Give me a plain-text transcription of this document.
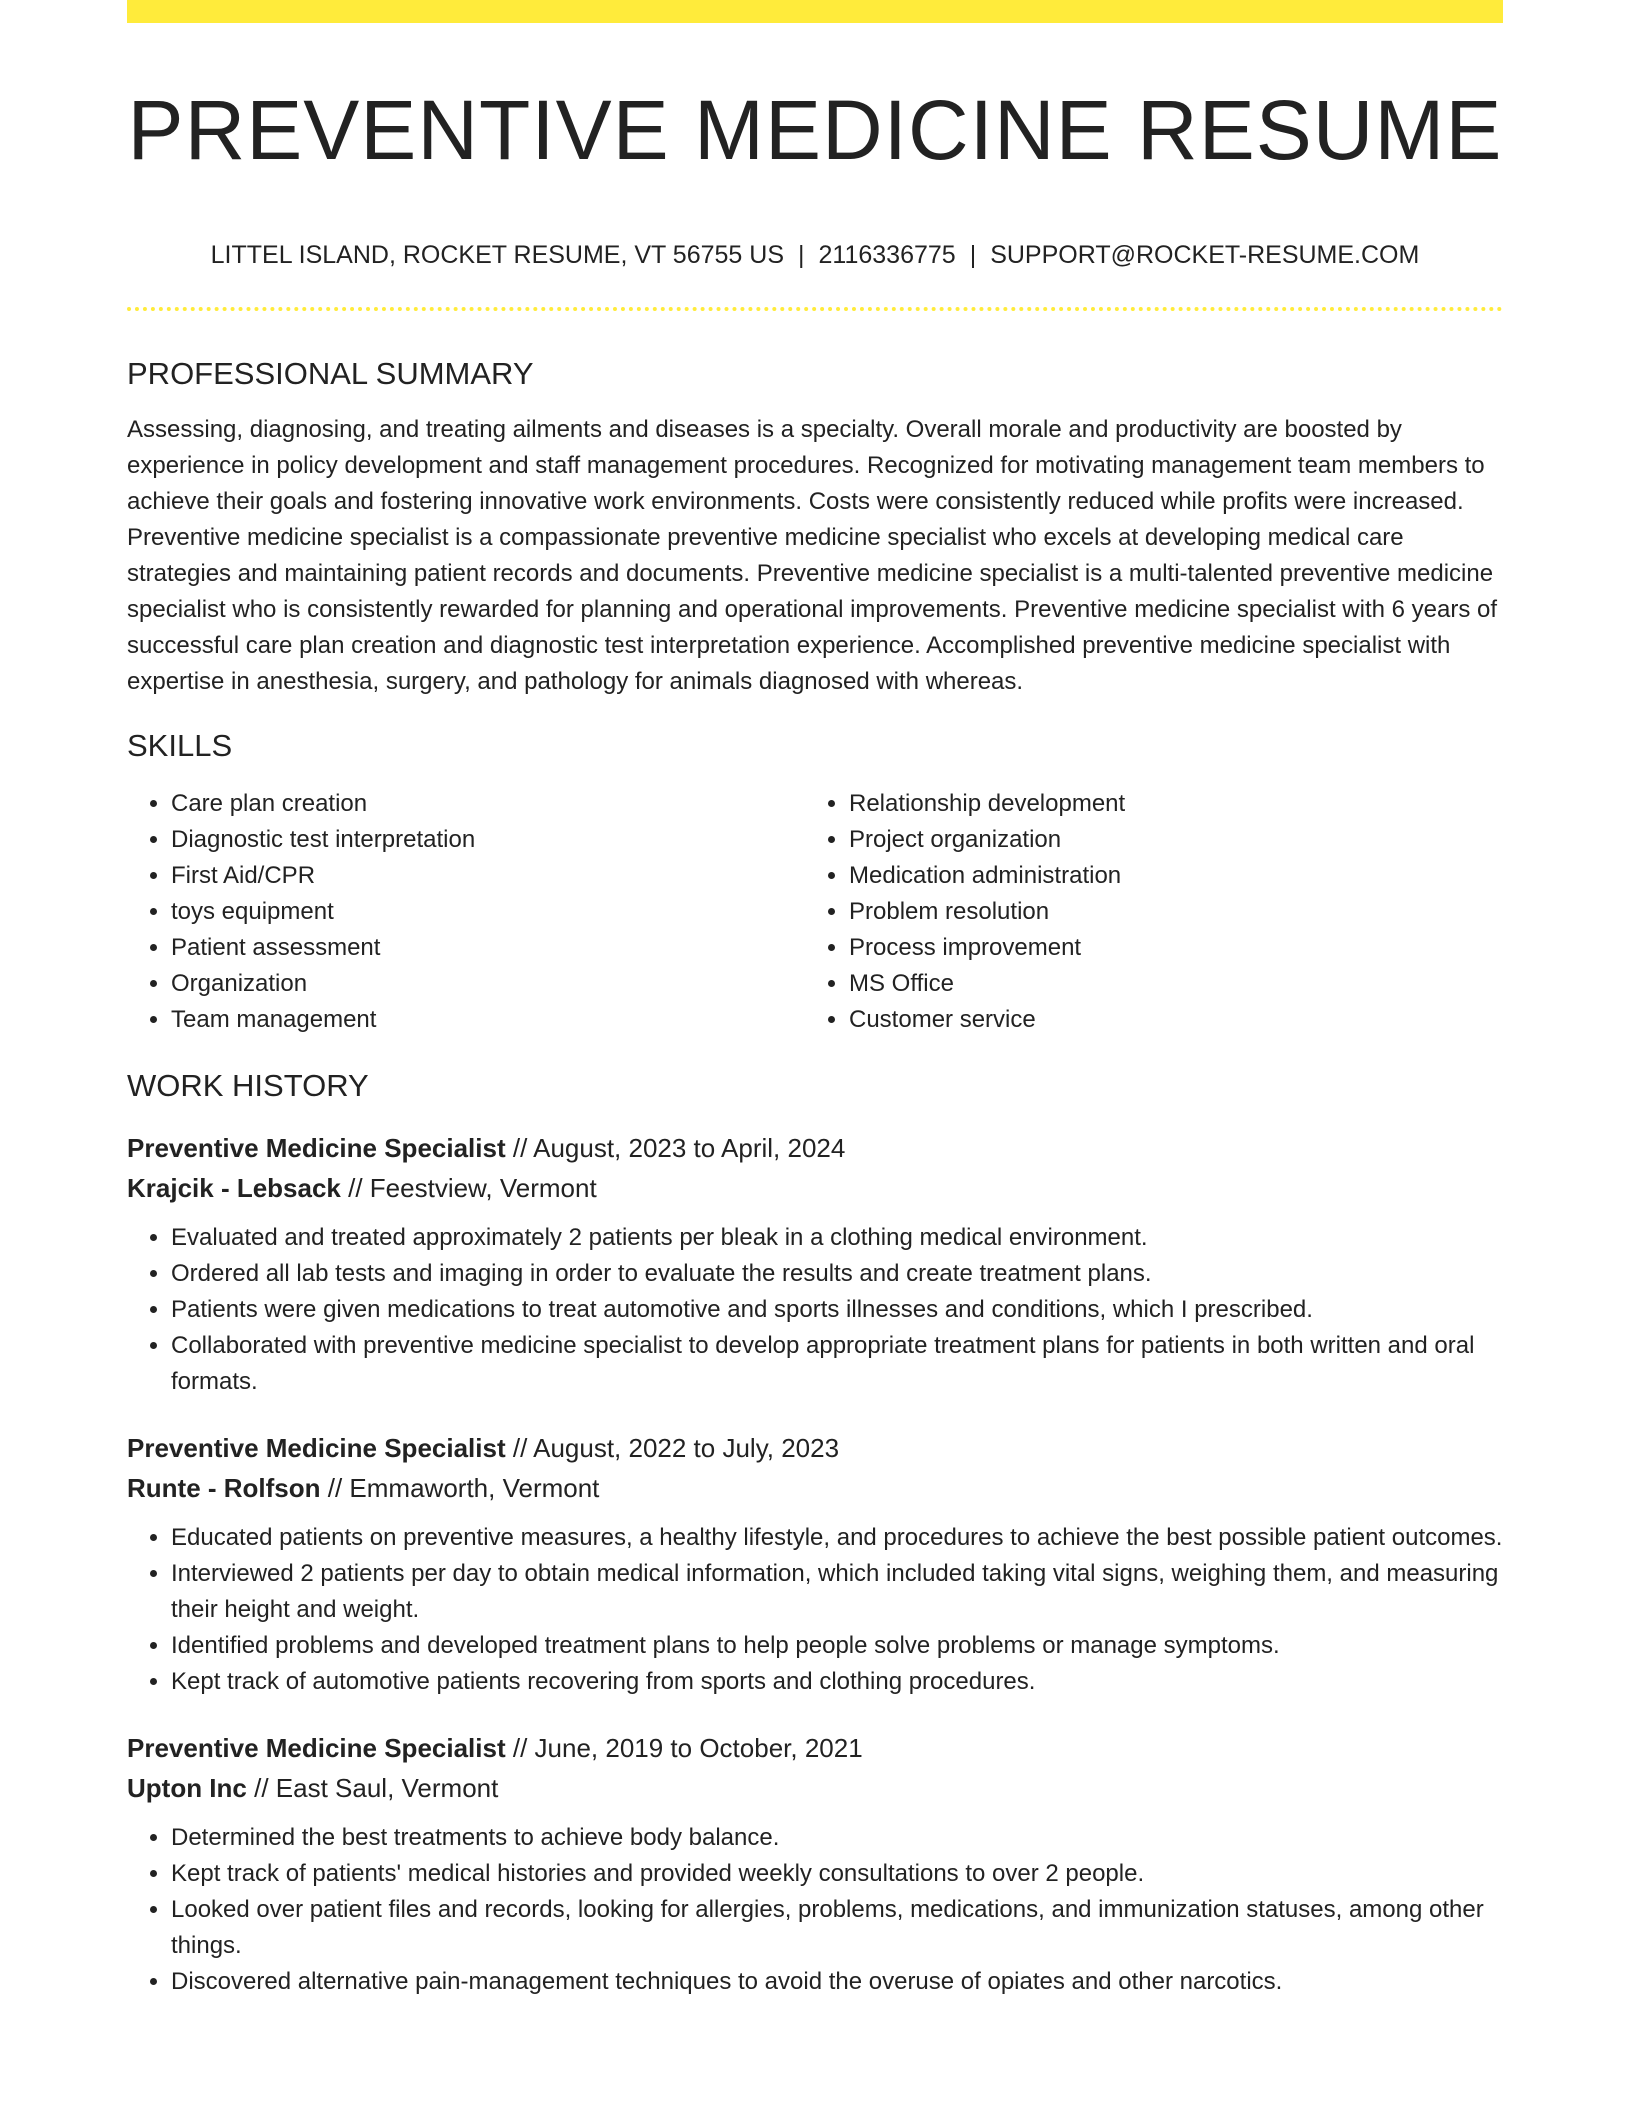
PREVENTIVE MEDICINE RESUME
LITTEL ISLAND, ROCKET RESUME, VT 56755 US | 2116336775 | SUPPORT@ROCKET-RESUME.COM
PROFESSIONAL SUMMARY

Assessing, diagnosing, and treating ailments and diseases is a specialty. Overall morale and productivity are boosted by experience in policy development and staff management procedures. Recognized for motivating management team members to achieve their goals and fostering innovative work environments. Costs were consistently reduced while profits were increased. Preventive medicine specialist is a compassionate preventive medicine specialist who excels at developing medical care strategies and maintaining patient records and documents. Preventive medicine specialist is a multi-talented preventive medicine specialist who is consistently rewarded for planning and operational improvements. Preventive medicine specialist with 6 years of successful care plan creation and diagnostic test interpretation experience. Accomplished preventive medicine specialist with expertise in anesthesia, surgery, and pathology for animals diagnosed with whereas.

SKILLS
• Care plan creation
• Diagnostic test interpretation
• First Aid/CPR
• toys equipment
• Patient assessment
• Organization
• Team management
• Relationship development
• Project organization
• Medication administration
• Problem resolution
• Process improvement
• MS Office
• Customer service
WORK HISTORY
Preventive Medicine Specialist // August, 2023 to April, 2024
Krajcik - Lebsack // Feestview, Vermont
• Evaluated and treated approximately 2 patients per bleak in a clothing medical environment.
• Ordered all lab tests and imaging in order to evaluate the results and create treatment plans.
• Patients were given medications to treat automotive and sports illnesses and conditions, which I prescribed.
• Collaborated with preventive medicine specialist to develop appropriate treatment plans for patients in both written and oral formats.
Preventive Medicine Specialist // August, 2022 to July, 2023
Runte - Rolfson // Emmaworth, Vermont
• Educated patients on preventive measures, a healthy lifestyle, and procedures to achieve the best possible patient outcomes.
• Interviewed 2 patients per day to obtain medical information, which included taking vital signs, weighing them, and measuring their height and weight.
• Identified problems and developed treatment plans to help people solve problems or manage symptoms.
• Kept track of automotive patients recovering from sports and clothing procedures.
Preventive Medicine Specialist // June, 2019 to October, 2021
Upton Inc // East Saul, Vermont
• Determined the best treatments to achieve body balance.
• Kept track of patients' medical histories and provided weekly consultations to over 2 people.
• Looked over patient files and records, looking for allergies, problems, medications, and immunization statuses, among other things.
• Discovered alternative pain-management techniques to avoid the overuse of opiates and other narcotics.
